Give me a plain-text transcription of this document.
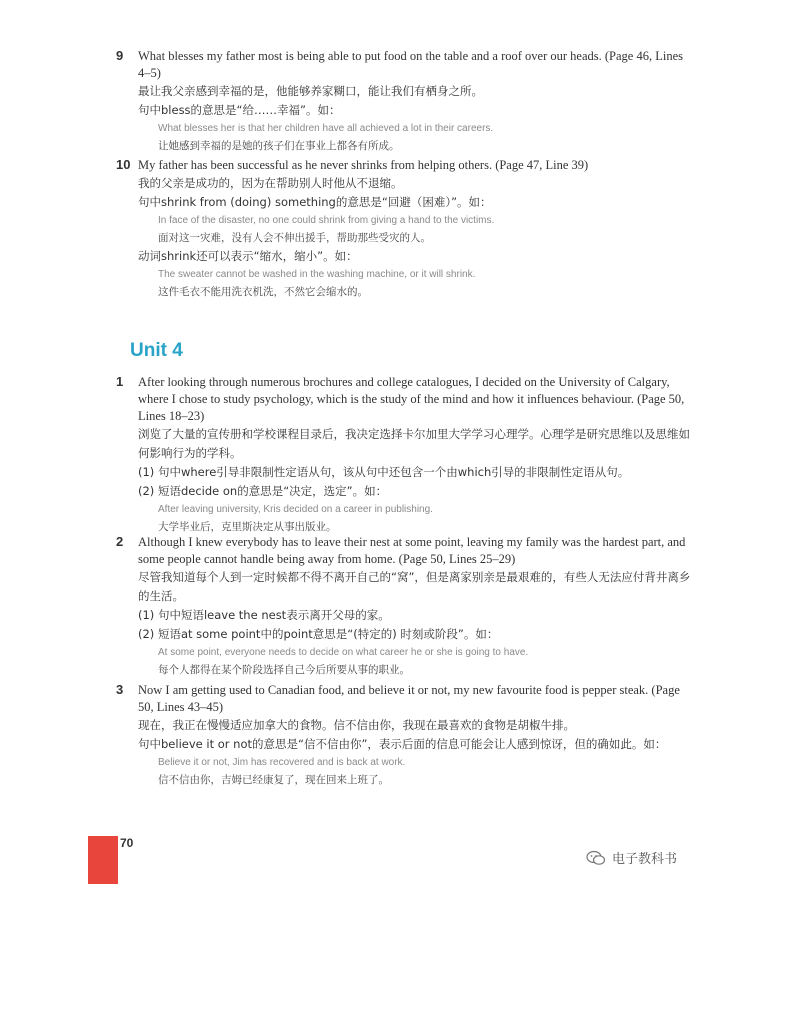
9 What blesses my father most is being able to put food on the table and a roof over our heads. (Page 46, Lines 4–5)

最让我父亲感到幸福的是，他能够养家糊口，能让我们有栖身之所。

句中bless的意思是“给……幸福”。如：

What blesses her is that her children have all achieved a lot in their careers.

让她感到幸福的是她的孩子们在事业上都各有所成。

10 My father has been successful as he never shrinks from helping others. (Page 47, Line 39)

我的父亲是成功的，因为在帮助别人时他从不退缩。

句中shrink from (doing) something的意思是“回避（困难）”。如：

In face of the disaster, no one could shrink from giving a hand to the victims.

面对这一灾难，没有人会不伸出援手，帮助那些受灾的人。

动词shrink还可以表示“缩水，缩小”。如：

The sweater cannot be washed in the washing machine, or it will shrink.

这件毛衣不能用洗衣机洗，不然它会缩水的。

Unit 4
1 After looking through numerous brochures and college catalogues, I decided on the University of Calgary, where I chose to study psychology, which is the study of the mind and how it influences behaviour. (Page 50, Lines 18–23)

浏览了大量的宣传册和学校课程目录后，我决定选择卡尔加里大学学习心理学。心理学是研究思维以及思维如何影响行为的学科。

(1) 句中where引导非限制性定语从句，该从句中还包含一个由which引导的非限制性定语从句。

(2) 短语decide on的意思是“决定，选定”。如：

After leaving university, Kris decided on a career in publishing.

大学毕业后，克里斯决定从事出版业。

2 Although I knew everybody has to leave their nest at some point, leaving my family was the hardest part, and some people cannot handle being away from home. (Page 50, Lines 25–29)

尽管我知道每个人到一定时候都不得不离开自己的“窝”，但是离家别亲是最艰难的，有些人无法应付背井离乡的生活。

(1) 句中短语leave the nest表示离开父母的家。

(2) 短语at some point中的point意思是“(特定的) 时刻或阶段”。如：

At some point, everyone needs to decide on what career he or she is going to have.

每个人都得在某个阶段选择自己今后所要从事的职业。

3 Now I am getting used to Canadian food, and believe it or not, my new favourite food is pepper steak. (Page 50, Lines 43–45)

现在，我正在慢慢适应加拿大的食物。信不信由你，我现在最喜欢的食物是胡椒牛排。

句中believe it or not的意思是“信不信由你”，表示后面的信息可能会让人感到惊讶，但的确如此。如：

Believe it or not, Jim has recovered and is back at work.

信不信由你，吉姆已经康复了，现在回来上班了。

70
电子教科书
